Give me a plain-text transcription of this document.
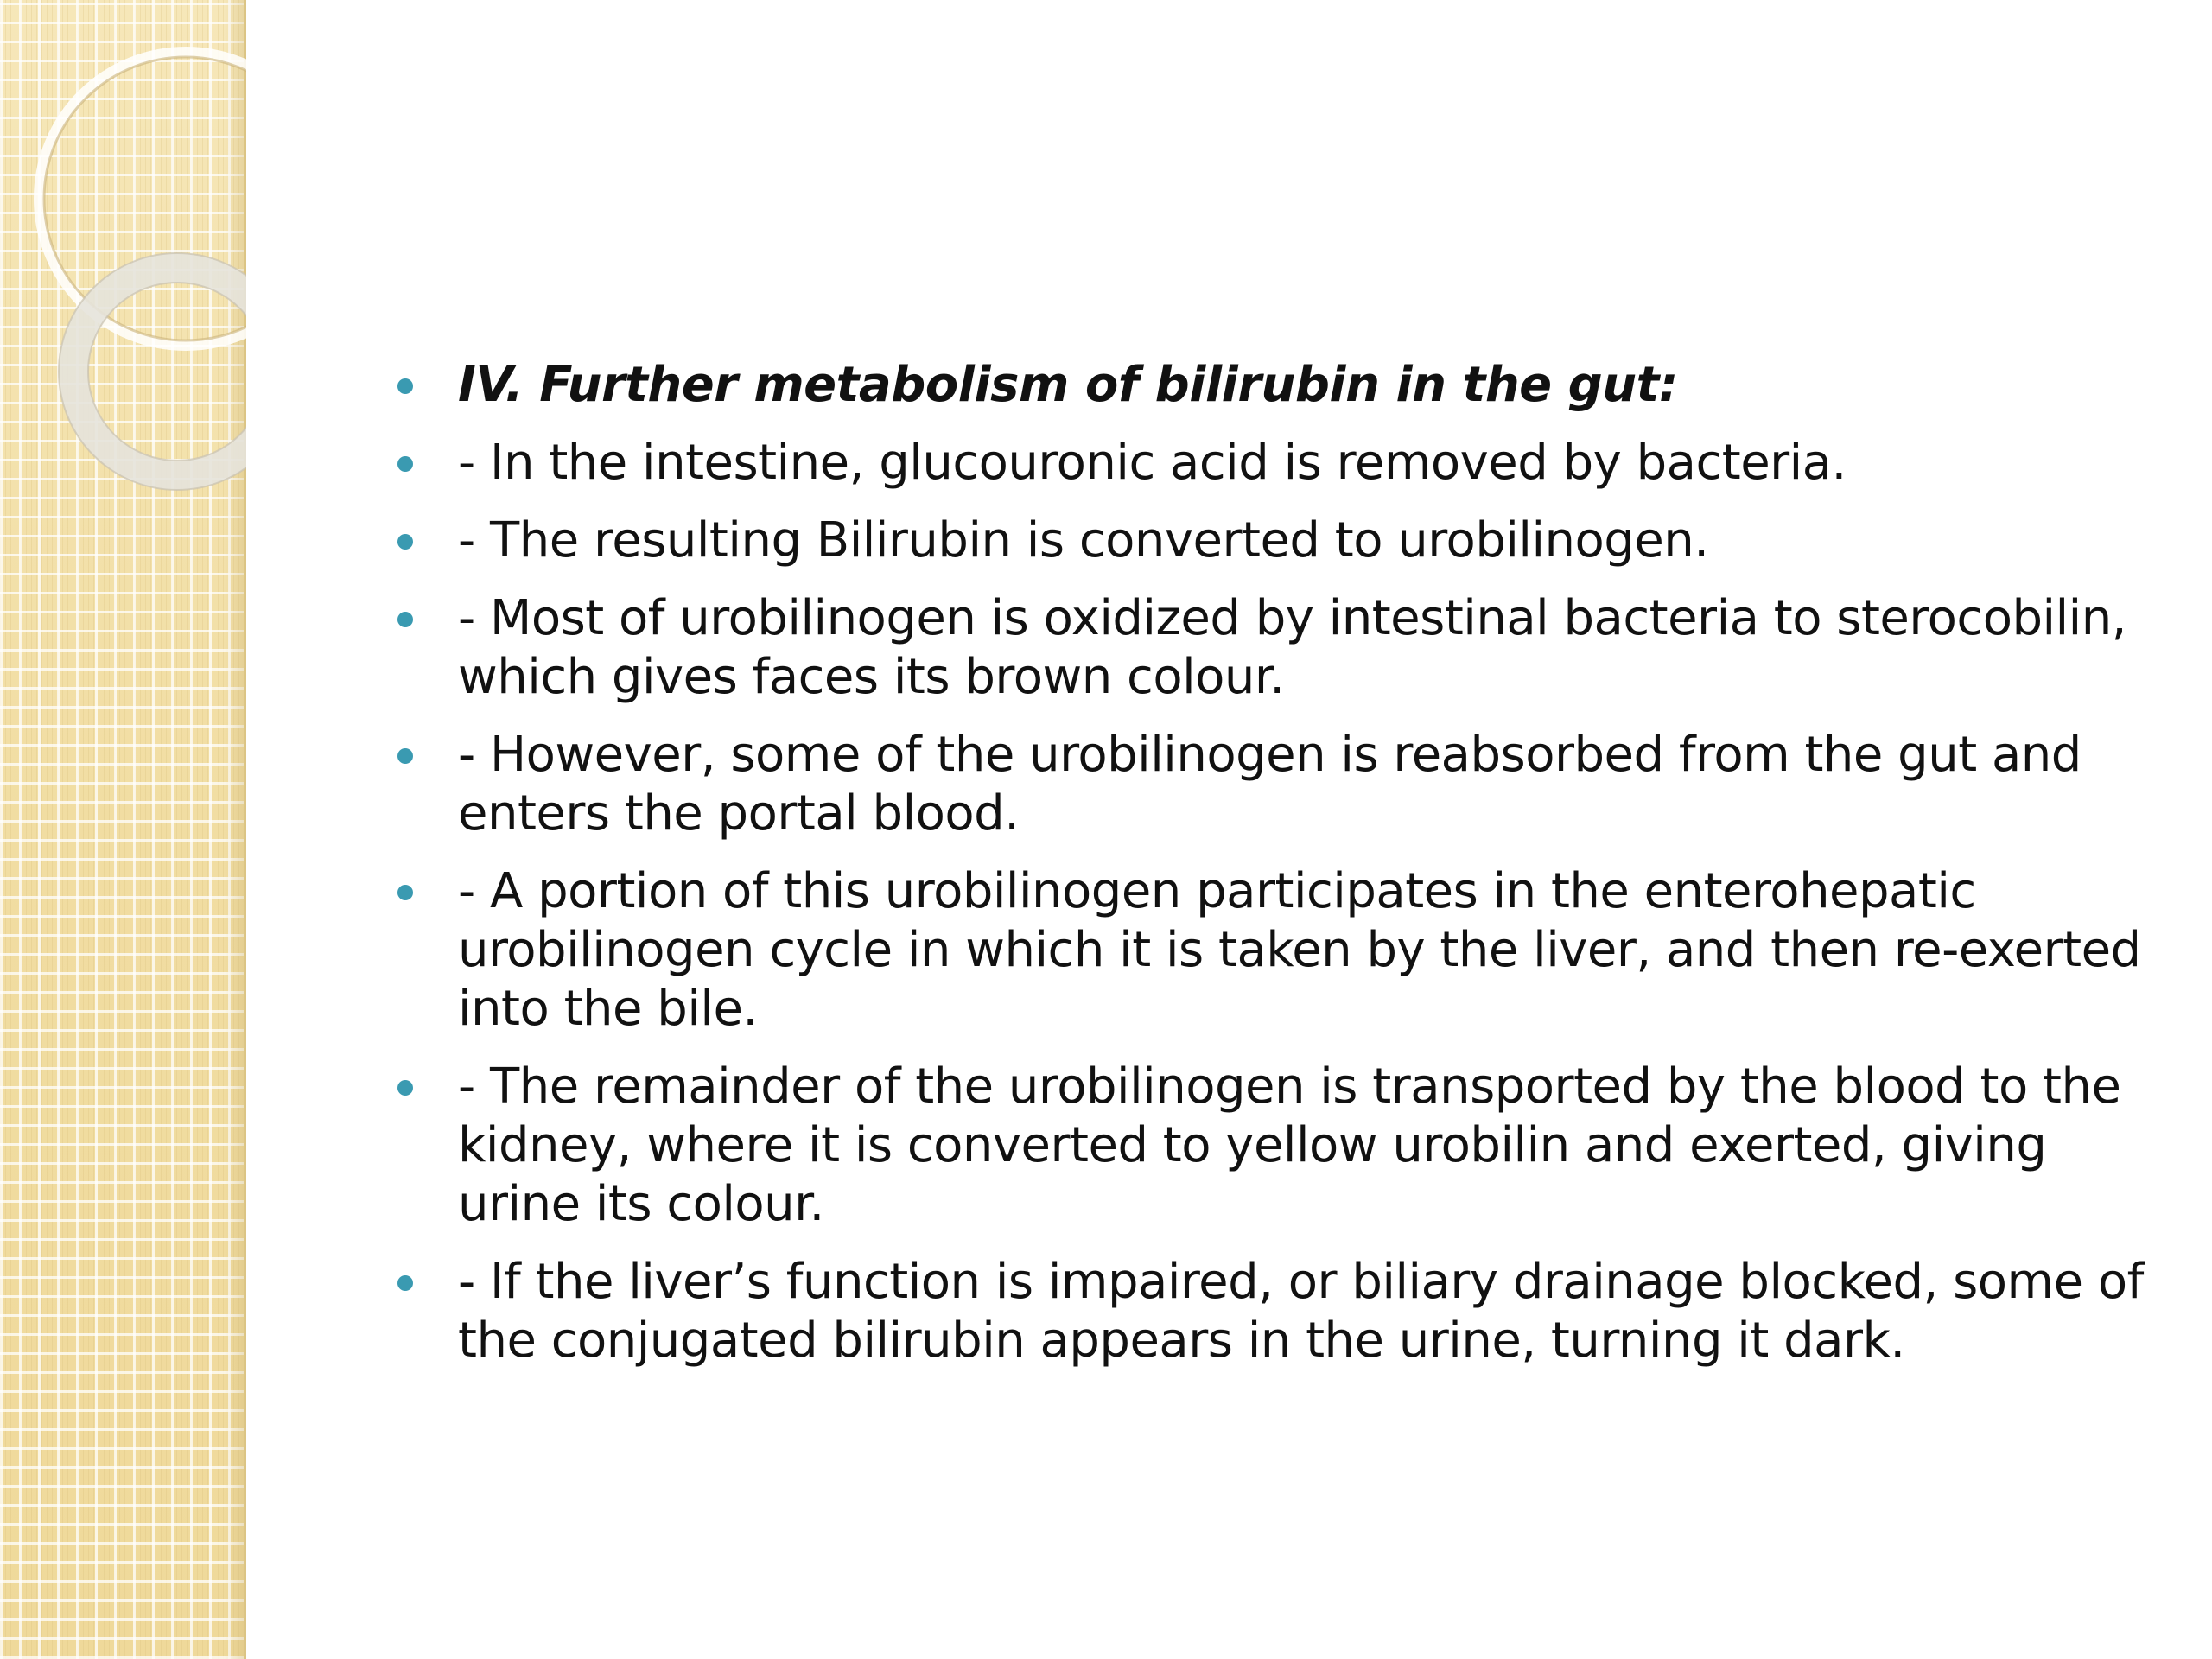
IV. Further metabolism of bilirubin in the gut:
- In the intestine, glucouronic acid is removed by bacteria.
- The resulting Bilirubin is converted to urobilinogen.
- Most of urobilinogen is oxidized by intestinal bacteria to sterocobilin, which gives faces its brown colour.
- However, some of the urobilinogen is reabsorbed from the gut and enters the portal blood.
- A portion of this urobilinogen participates in the enterohepatic urobilinogen cycle in which it is taken by the liver, and then re-exerted into the bile.
- The remainder of the urobilinogen is transported by the blood to the kidney, where it is converted to yellow urobilin and exerted, giving urine its colour.
- If the liver’s function is impaired, or biliary drainage blocked, some of the conjugated bilirubin appears in the urine, turning it dark.
